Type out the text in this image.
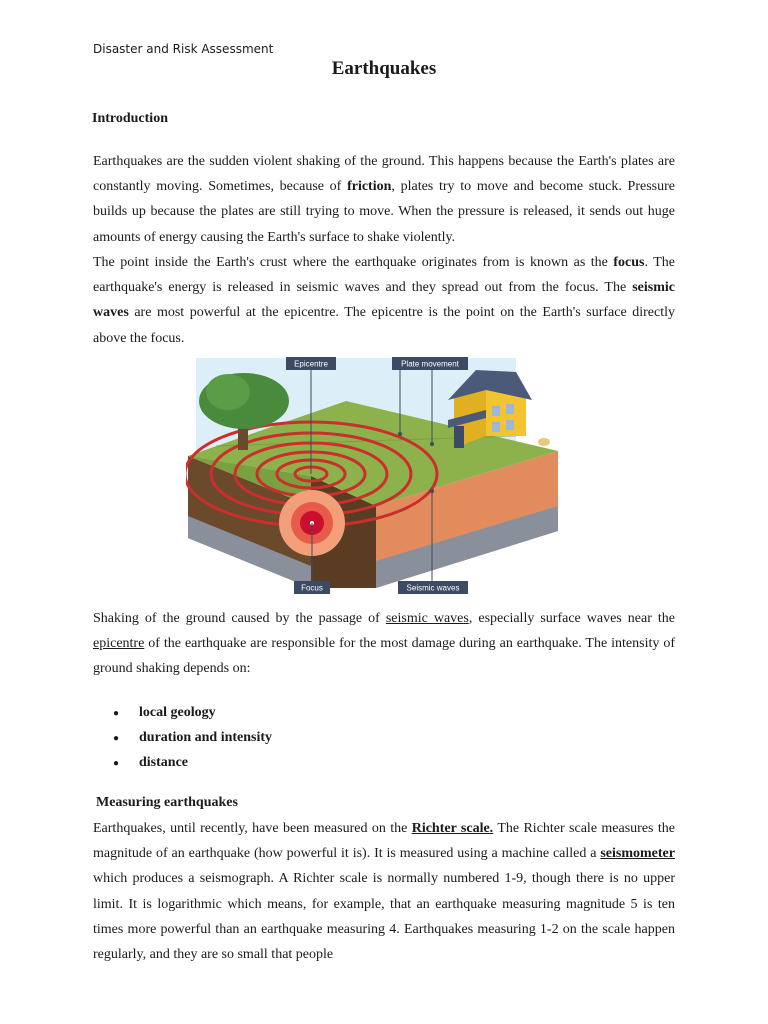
Disaster and Risk Assessment
Earthquakes
Introduction
Earthquakes are the sudden violent shaking of the ground. This happens because the Earth's plates are constantly moving. Sometimes, because of friction, plates try to move and become stuck. Pressure builds up because the plates are still trying to move. When the pressure is released, it sends out huge amounts of energy causing the Earth's surface to shake violently.
The point inside the Earth's crust where the earthquake originates from is known as the focus. The earthquake's energy is released in seismic waves and they spread out from the focus. The seismic waves are most powerful at the epicentre. The epicentre is the point on the Earth's surface directly above the focus.
Epicentre	Plate movement
Focus	Seismic waves
Shaking of the ground caused by the passage of seismic waves, especially surface waves near the epicentre of the earthquake are responsible for the most damage during an earthquake. The intensity of ground shaking depends on:
● local geology
● duration and intensity
● distance
Measuring earthquakes
Earthquakes, until recently, have been measured on the Richter scale. The Richter scale measures the magnitude of an earthquake (how powerful it is). It is measured using a machine called a seismometer which produces a seismograph. A Richter scale is normally numbered 1-9, though there is no upper limit. It is logarithmic which means, for example, that an earthquake measuring magnitude 5 is ten times more powerful than an earthquake measuring 4. Earthquakes measuring 1-2 on the scale happen regularly, and they are so small that people
